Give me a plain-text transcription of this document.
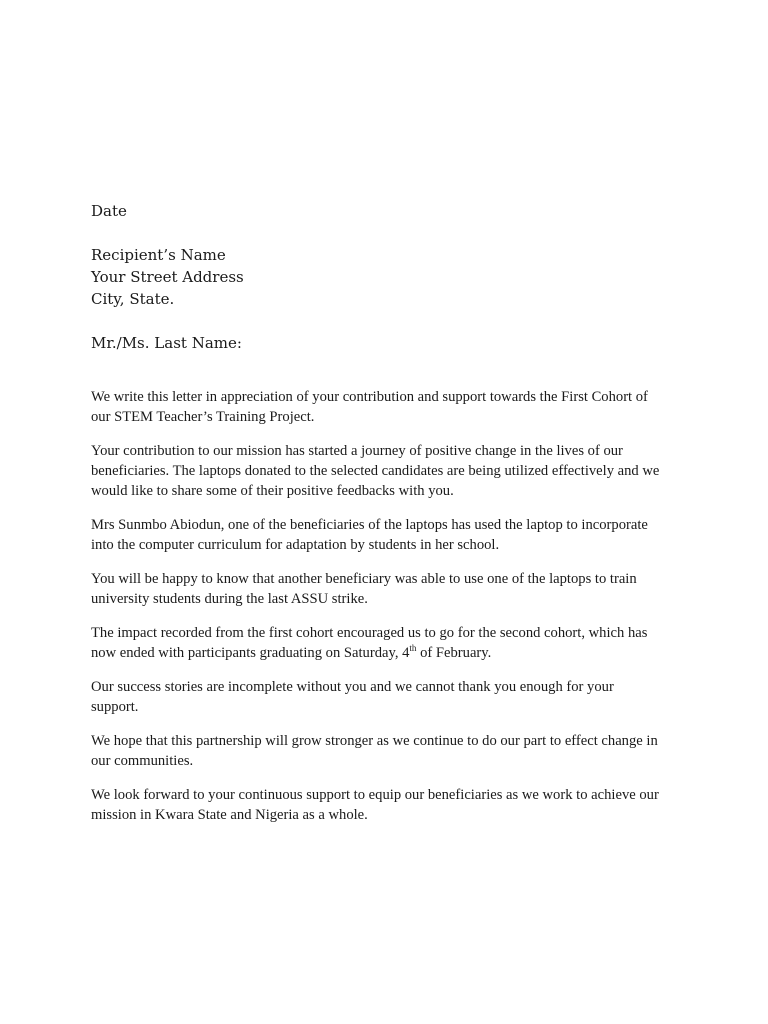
Date
Recipient’s Name
Your Street Address
City, State.
Mr./Ms. Last Name:
We write this letter in appreciation of your contribution and support towards the First Cohort of
our STEM Teacher’s Training Project.
Your contribution to our mission has started a journey of positive change in the lives of our
beneficiaries. The laptops donated to the selected candidates are being utilized effectively and we
would like to share some of their positive feedbacks with you.
Mrs Sunmbo Abiodun, one of the beneficiaries of the laptops has used the laptop to incorporate
into the computer curriculum for adaptation by students in her school.
You will be happy to know that another beneficiary was able to use one of the laptops to train
university students during the last ASSU strike.
The impact recorded from the first cohort encouraged us to go for the second cohort, which has
now ended with participants graduating on Saturday, 4th of February.
Our success stories are incomplete without you and we cannot thank you enough for your
support.
We hope that this partnership will grow stronger as we continue to do our part to effect change in
our communities.
We look forward to your continuous support to equip our beneficiaries as we work to achieve our
mission in Kwara State and Nigeria as a whole.
